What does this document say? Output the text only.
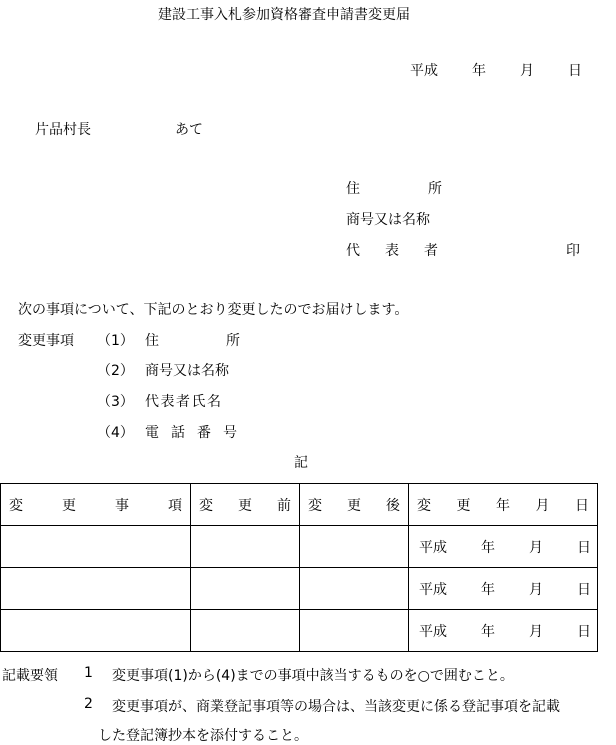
建設工事入札参加資格審査申請書変更届
平成 年 月 日
片品村長	あて
住	所
商号又は名称
代 表 者	印
次の事項について、下記のとおり変更したのでお届けします。
変更事項 （1） 住	所
（2） 商号又は名称
（3） 代表者氏名
（4） 電 話 番 号
記
変 更 事 項	変 更 前	変 更 後	変 更 年 月 日

			平成 年 月 日

			平成 年 月 日

			平成 年 月 日
記載要領 1 変更事項(1)から(4)までの事項中該当するものを○で囲むこと。
2 変更事項が、商業登記事項等の場合は、当該変更に係る登記事項を記載
した登記簿抄本を添付すること。
